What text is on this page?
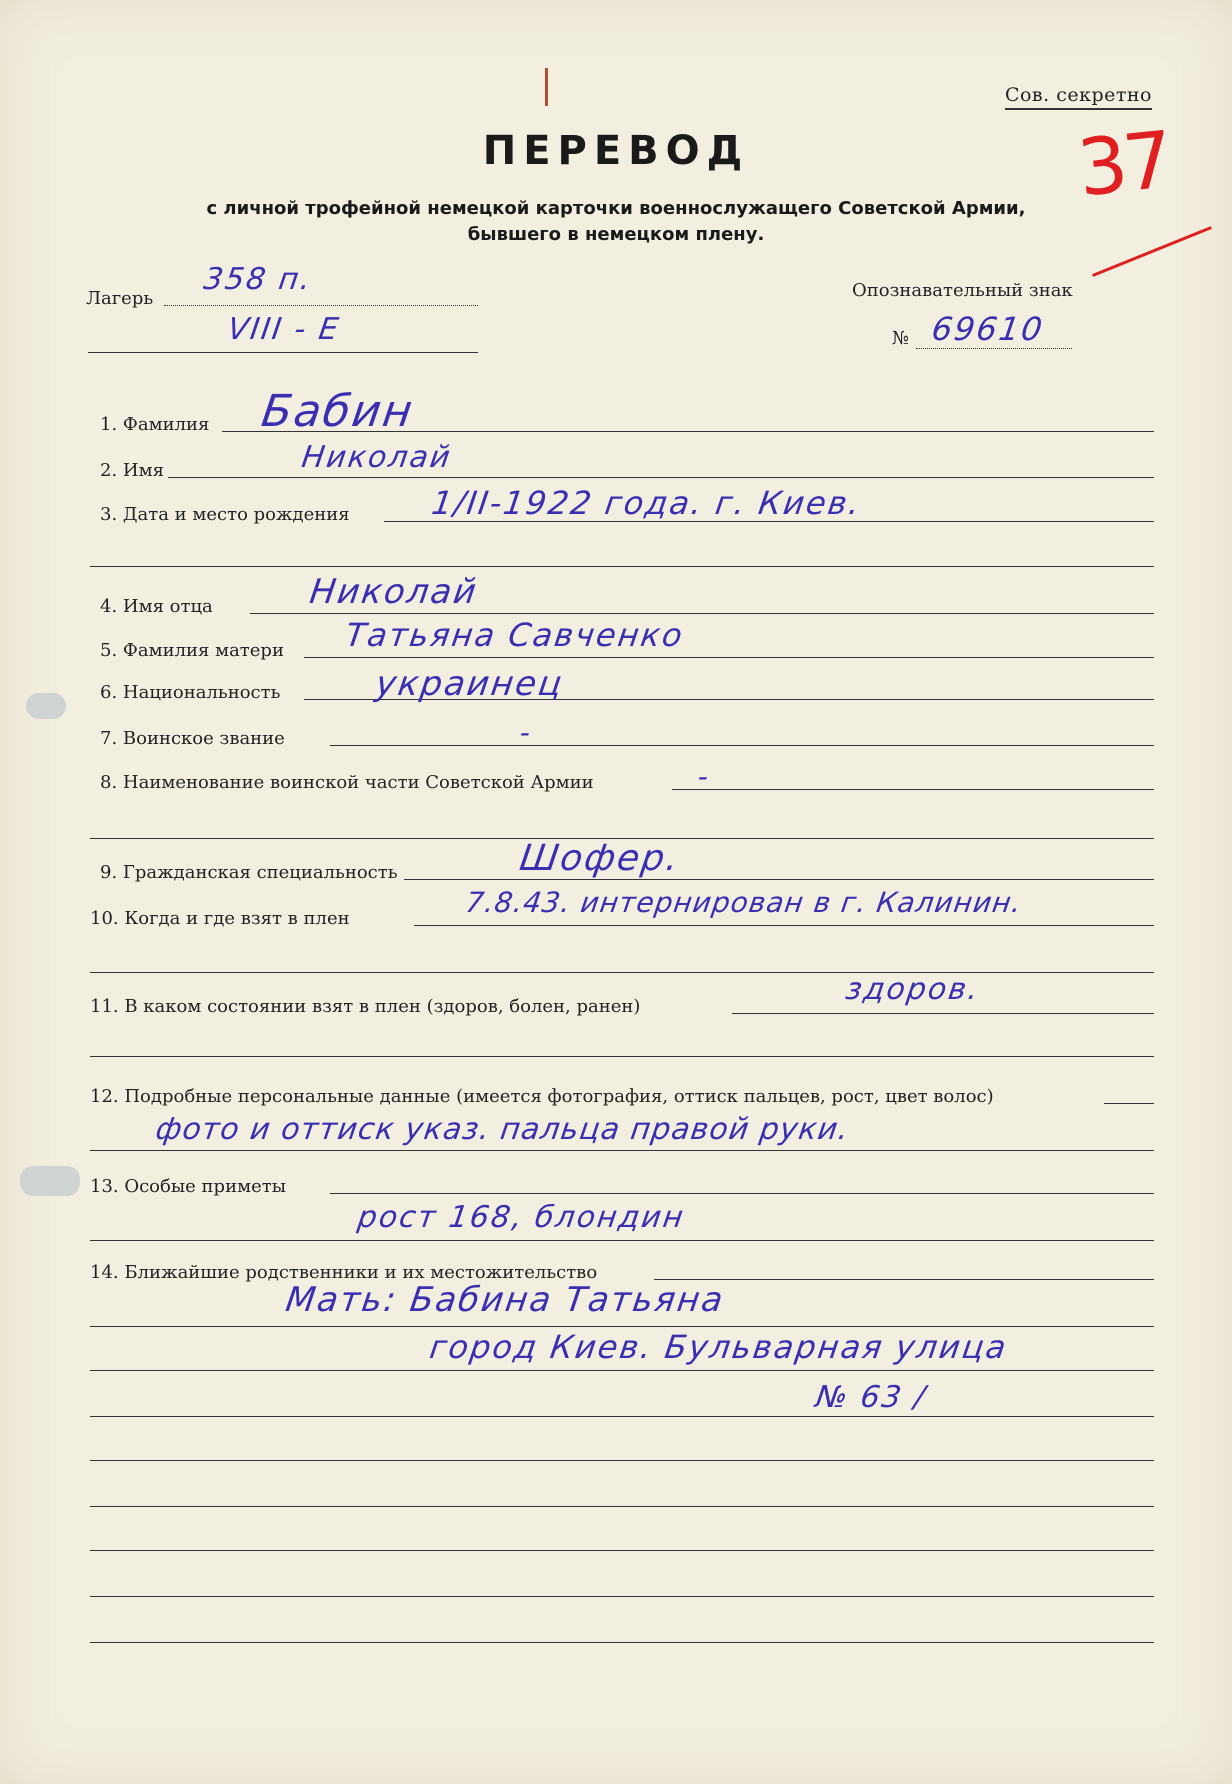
Сов. секретно
37
ПЕРЕВОД
с личной трофейной немецкой карточки военнослужащего Советской Армии,
бывшего в немецком плену.
Лагерь
358 п.
VIII - E
Опознавательный знак
№ 69610
1. Фамилия Бабин
2. Имя	Николай
3. Дата и место рождения 1/II-1922 года. г. Киев.
4. Имя отца	Николай
5. Фамилия матери Татьяна Савченко
6. Национальность	украинец
7. Воинское звание	-
8. Наименование воинской части Советской Армии	-
9. Гражданская специальность	Шофер.
10. Когда и где взят в плен	7.8.43. интернирован в г. Калинин.
11. В каком состоянии взят в плен (здоров, болен, ранен)	здоров.
12. Подробные персональные данные (имеется фотография, оттиск пальцев, рост, цвет волос)
фото и оттиск указ. пальца правой руки.
13. Особые приметы
рост 168, блондин
14. Ближайшие родственники и их местожительство
Мать: Бабина Татьяна
город Киев. Бульварная улица
№ 63 /
